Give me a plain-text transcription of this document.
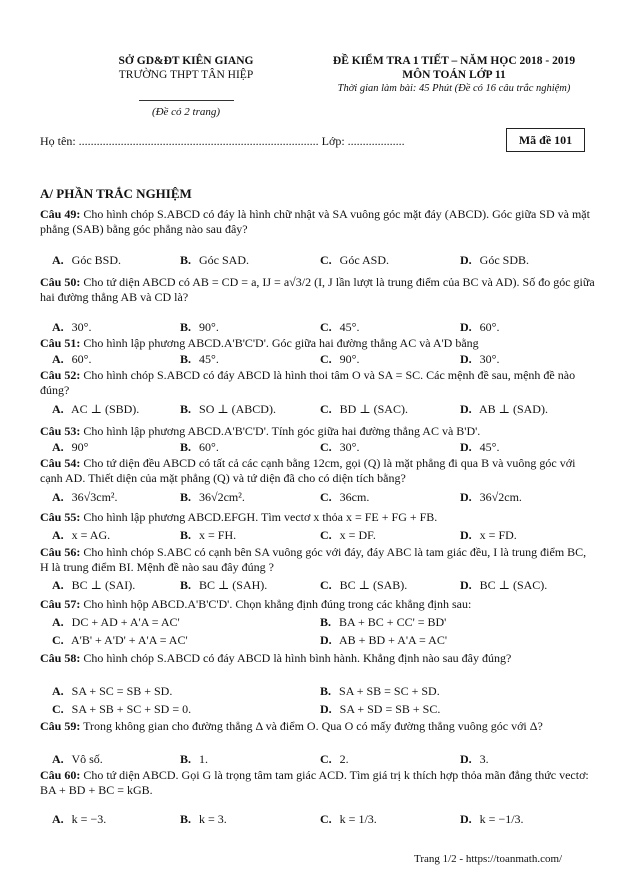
SỞ GD&ĐT KIÊN GIANG
TRƯỜNG THPT TÂN HIỆP
(Đề có 2 trang)
ĐỀ KIỂM TRA 1 TIẾT – NĂM HỌC 2018 - 2019
MÔN TOÁN LỚP 11
Thời gian làm bài: 45 Phút (Đề có 16 câu trắc nghiệm)
Họ tên: ................................................................................ Lớp: ...................	Mã đề 101
A/ PHẦN TRẮC NGHIỆM
Câu 49: Cho hình chóp S.ABCD có đáy là hình chữ nhật và SA vuông góc mặt đáy (ABCD). Góc giữa SD và mặt phẳng (SAB) bằng góc phẳng nào sau đây?
A. Góc BSD.	B. Góc SAD.	C. Góc ASD.	D. Góc SDB.
Câu 50: Cho tứ diện ABCD có AB = CD = a, IJ = a√3/2 (I, J lần lượt là trung điểm của BC và AD). Số đo góc giữa hai đường thẳng AB và CD là?
A. 30°.	B. 90°.	C. 45°.	D. 60°.
Câu 51: Cho hình lập phương ABCD.A'B'C'D'. Góc giữa hai đường thẳng AC và A'D bằng
A. 60°.	B. 45°.	C. 90°.	D. 30°.
Câu 52: Cho hình chóp S.ABCD có đáy ABCD là hình thoi tâm O và SA = SC. Các mệnh đề sau, mệnh đề nào đúng?
A. AC ⊥ (SBD).	B. SO ⊥ (ABCD).	C. BD ⊥ (SAC).	D. AB ⊥ (SAD).
Câu 53: Cho hình lập phương ABCD.A'B'C'D'. Tính góc giữa hai đường thẳng AC và B'D'.
A. 90°	B. 60°.	C. 30°.	D. 45°.
Câu 54: Cho tứ diện đều ABCD có tất cả các cạnh bằng 12cm, gọi (Q) là mặt phẳng đi qua B và vuông góc với cạnh AD. Thiết diện của mặt phẳng (Q) và tứ diện đã cho có diện tích bằng?
A. 36√3cm².	B. 36√2cm².	C. 36cm.	D. 36√2cm.
Câu 55: Cho hình lập phương ABCD.EFGH. Tìm vectơ x thỏa x = FE + FG + FB.
A. x = AG.	B. x = FH.	C. x = DF.	D. x = FD.
Câu 56: Cho hình chóp S.ABC có cạnh bên SA vuông góc với đáy, đáy ABC là tam giác đều, I là trung điểm BC, H là trung điểm BI. Mệnh đề nào sau đây đúng ?
A. BC ⊥ (SAI).	B. BC ⊥ (SAH).	C. BC ⊥ (SAB).	D. BC ⊥ (SAC).
Câu 57: Cho hình hộp ABCD.A'B'C'D'. Chọn khẳng định đúng trong các khẳng định sau:
A. DC + AD + A'A = AC'	B. BA + BC + CC' = BD'
C. A'B' + A'D' + A'A = AC'	D. AB + BD + A'A = AC'
Câu 58: Cho hình chóp S.ABCD có đáy ABCD là hình bình hành. Khẳng định nào sau đây đúng?
A. SA + SC = SB + SD.	B. SA + SB = SC + SD.
C. SA + SB + SC + SD = 0.	D. SA + SD = SB + SC.
Câu 59: Trong không gian cho đường thẳng Δ và điểm O. Qua O có mấy đường thẳng vuông góc với Δ?
A. Vô số.	B. 1.	C. 2.	D. 3.
Câu 60: Cho tứ diện ABCD. Gọi G là trọng tâm tam giác ACD. Tìm giá trị k thích hợp thỏa mãn đẳng thức vectơ: BA + BD + BC = kGB.
A. k = −3.	B. k = 3.	C. k = 1/3.	D. k = −1/3.
Trang 1/2 - https://toanmath.com/
